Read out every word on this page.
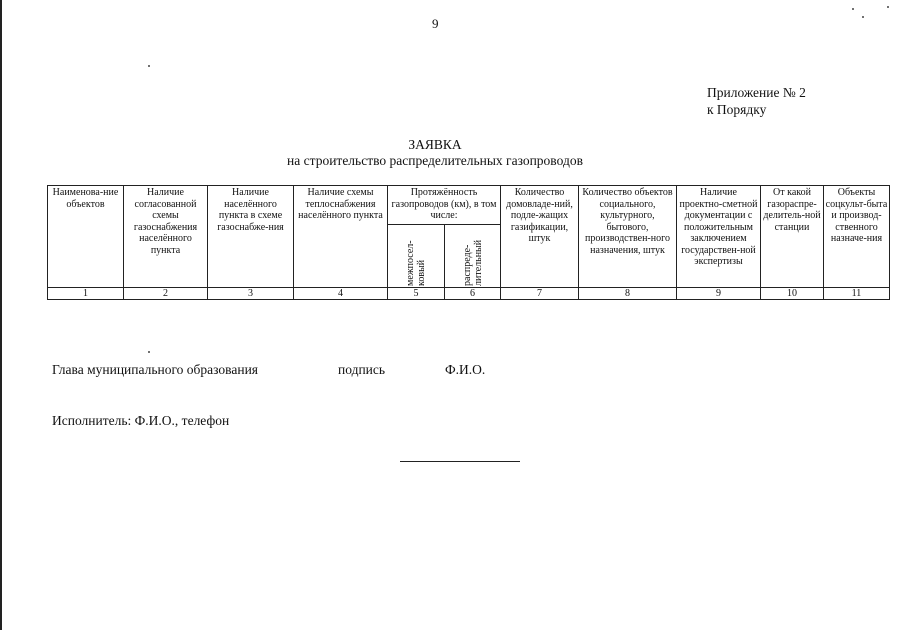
9
Приложение № 2
к Порядку
ЗАЯВКА
на строительство распределительных газопроводов
Наименова-ние объектов	Наличие согласованной схемы газоснабжения населённого пункта	Наличие населённого пункта в схеме газоснабже-ния	Наличие схемы теплоснабжения населённого пункта	Протяжённость газопроводов (км), в том числе:		Количество домовладе-ний, подле-жащих газификации, штук	Количество объектов социального, культурного, бытового, производствен-ного назначения, штук	Наличие проектно-сметной документации с положительным заключением государствен-ной экспертизы	От какой газораспре-делитель-ной станции	Объекты соцкульт-быта и производ-ственного назначе-ния

				межпосел-ковый	распреде-лительный					

1	2	3	4	5	6	7	8	9	10	11
Глава муниципального образования	подпись	Ф.И.О.
Исполнитель: Ф.И.О., телефон
